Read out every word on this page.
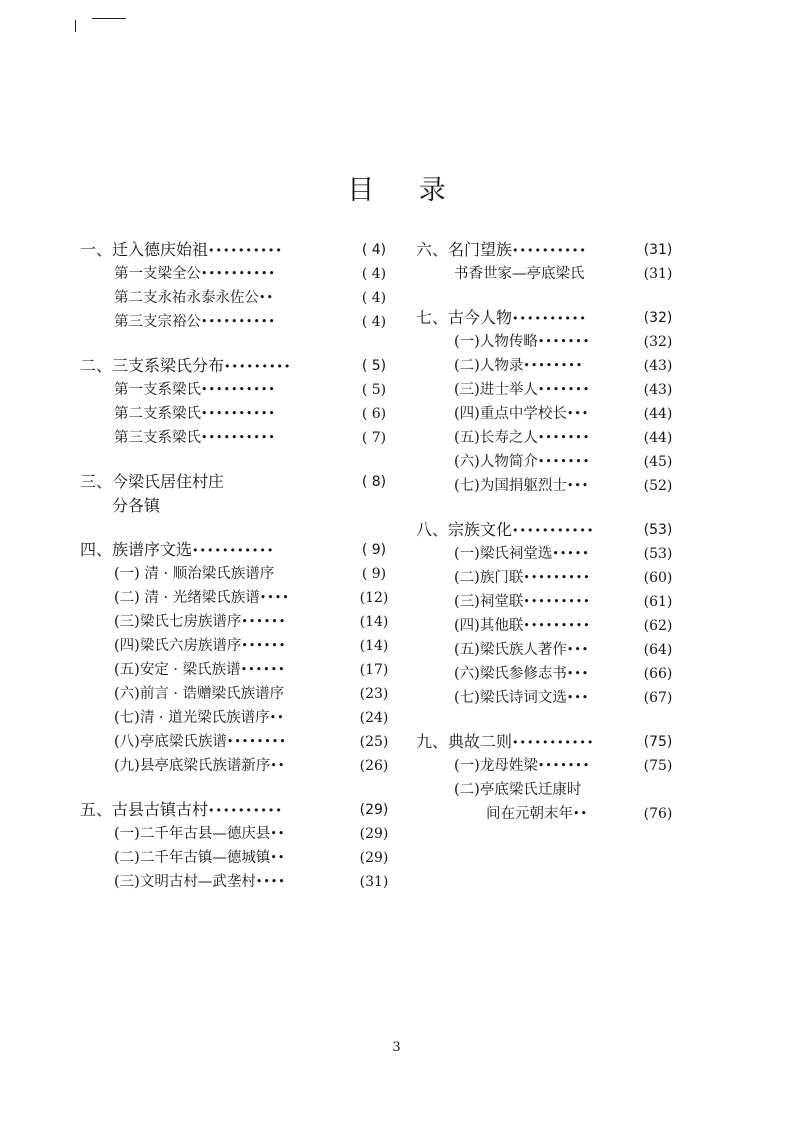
目 录
一、迁入德庆始祖••••••••••	( 4)
第一支梁全公••••••••••	( 4)
第二支永祐永泰永佐公••	( 4)
第三支宗裕公••••••••••	( 4)
二、三支系梁氏分布•••••••••	( 5)
第一支系梁氏••••••••••	( 5)
第二支系梁氏••••••••••	( 6)
第三支系梁氏••••••••••	( 7)
三、今梁氏居住村庄	( 8)
分各镇
四、族谱序文选•••••••••••	( 9)
(一) 清 · 顺治梁氏族谱序	( 9)
(二) 清 · 光绪梁氏族谱••••	(12)
(三)梁氏七房族谱序••••••	(14)
(四)梁氏六房族谱序••••••	(14)
(五)安定 · 梁氏族谱••••••	(17)
(六)前言 · 诰赠梁氏族谱序	(23)
(七)清 · 道光梁氏族谱序••	(24)
(八)亭底梁氏族谱••••••••	(25)
(九)县亭底梁氏族谱新序••	(26)
五、古县古镇古村••••••••••	(29)
(一)二千年古县—德庆县••	(29)
(二)二千年古镇—德城镇••	(29)
(三)文明古村—武垄村••••	(31)
六、名门望族••••••••••	(31)
书香世家—亭底梁氏	(31)
七、古今人物••••••••••	(32)
(一)人物传略•••••••	(32)
(二)人物录••••••••	(43)
(三)进士举人•••••••	(43)
(四)重点中学校长•••	(44)
(五)长寿之人•••••••	(44)
(六)人物简介•••••••	(45)
(七)为国捐躯烈士•••	(52)
八、宗族文化•••••••••••	(53)
(一)梁氏祠堂选•••••	(53)
(二)族门联•••••••••	(60)
(三)祠堂联•••••••••	(61)
(四)其他联•••••••••	(62)
(五)梁氏族人著作•••	(64)
(六)梁氏参修志书•••	(66)
(七)梁氏诗词文选•••	(67)
九、典故二则•••••••••••	(75)
(一)龙母姓梁•••••••	(75)
(二)亭底梁氏迁康时
间在元朝末年••	(76)

3
